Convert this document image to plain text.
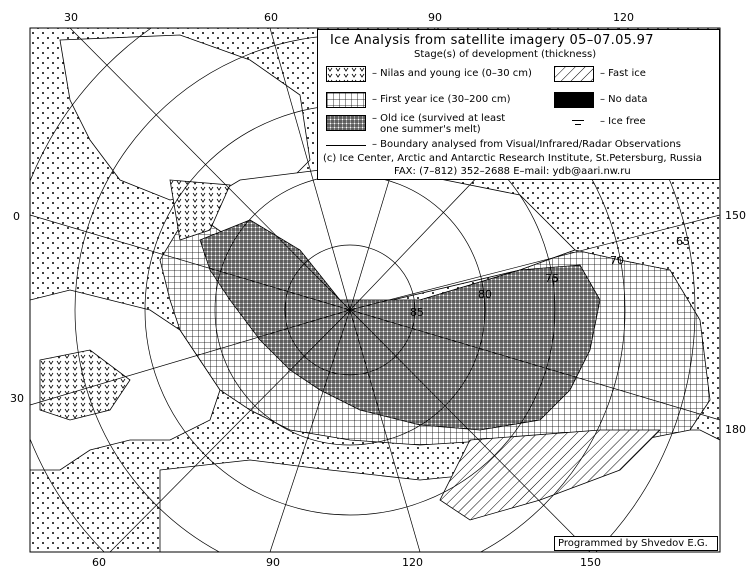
85
80
75
70
65
30	60	90	120
60	90	120	150
0
30
150
180
Ice Analysis from satellite imagery 05–07.05.97
Stage(s) of development (thickness)
– Nilas and young ice (0–30 cm)	– Fast ice
– First year ice (30–200 cm)	– No data
– Old ice (survived at least
one summer's melt)
– Ice free
– Boundary analysed from Visual/Infrared/Radar Observations
(c) Ice Center, Arctic and Antarctic Research Institute, St.Petersburg, Russia
FAX: (7–812) 352–2688 E–mail: ydb@aari.nw.ru
Programmed by Shvedov E.G.
